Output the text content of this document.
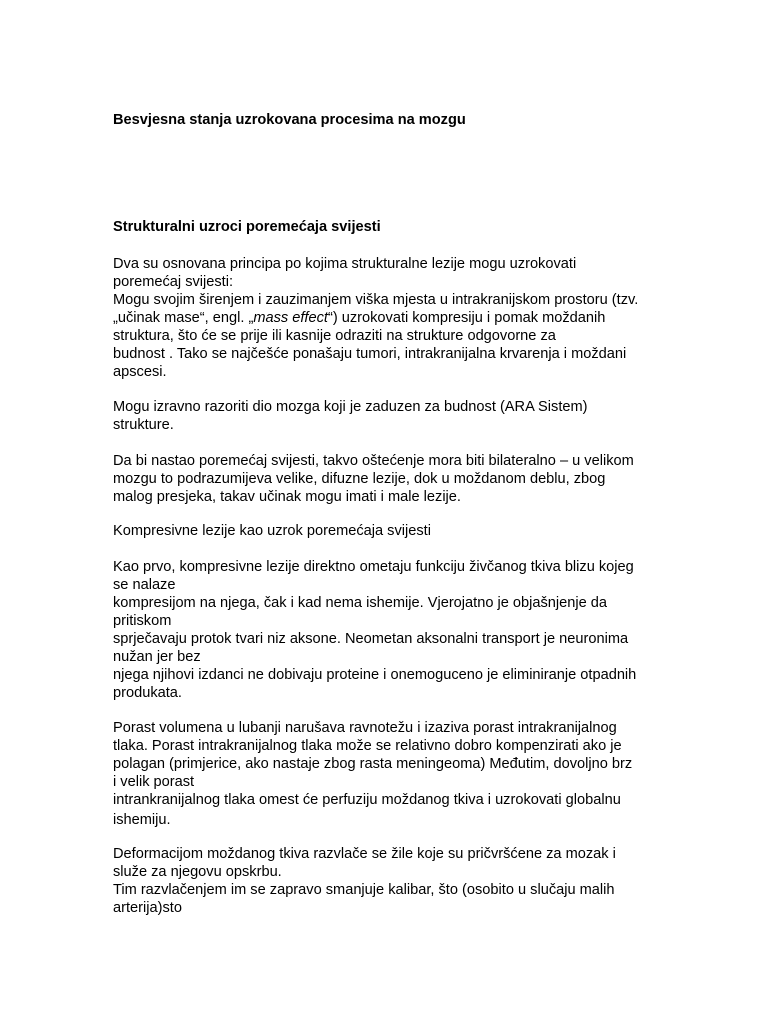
Besvjesna stanja uzrokovana procesima na mozgu

Strukturalni uzroci poremećaja svijesti

Dva su osnovana principa po kojima strukturalne lezije mogu uzrokovati

poremećaj svijesti:

Mogu svojim širenjem i zauzimanjem viška mjesta u intrakranijskom prostoru (tzv.

„učinak mase“, engl. „mass effect“) uzrokovati kompresiju i pomak moždanih

struktura, što će se prije ili kasnije odraziti na strukture odgovorne za

budnost . Tako se najčešće ponašaju tumori, intrakranijalna krvarenja i moždani

apscesi.

Mogu izravno razoriti dio mozga koji je zaduzen za budnost (ARA Sistem)

strukture.

Da bi nastao poremećaj svijesti, takvo oštećenje mora biti bilateralno – u velikom

mozgu to podrazumijeva velike, difuzne lezije, dok u moždanom deblu, zbog

malog presjeka, takav učinak mogu imati i male lezije.

Kompresivne lezije kao uzrok poremećaja svijesti

Kao prvo, kompresivne lezije direktno ometaju funkciju živčanog tkiva blizu kojeg

se nalaze

kompresijom na njega, čak i kad nema ishemije. Vjerojatno je objašnjenje da

pritiskom

sprječavaju protok tvari niz aksone. Neometan aksonalni transport je neuronima

nužan jer bez

njega njihovi izdanci ne dobivaju proteine i onemoguceno je eliminiranje otpadnih

produkata.

Porast volumena u lubanji narušava ravnotežu i izaziva porast intrakranijalnog

tlaka. Porast intrakranijalnog tlaka može se relativno dobro kompenzirati ako je

polagan (primjerice, ako nastaje zbog rasta meningeoma) Međutim, dovoljno brz

i velik porast

intrankranijalnog tlaka omest će perfuziju moždanog tkiva i uzrokovati globalnu

ishemiju.

Deformacijom moždanog tkiva razvlače se žile koje su pričvršćene za mozak i

služe za njegovu opskrbu.

Tim razvlačenjem im se zapravo smanjuje kalibar, što (osobito u slučaju malih

arterija)sto
